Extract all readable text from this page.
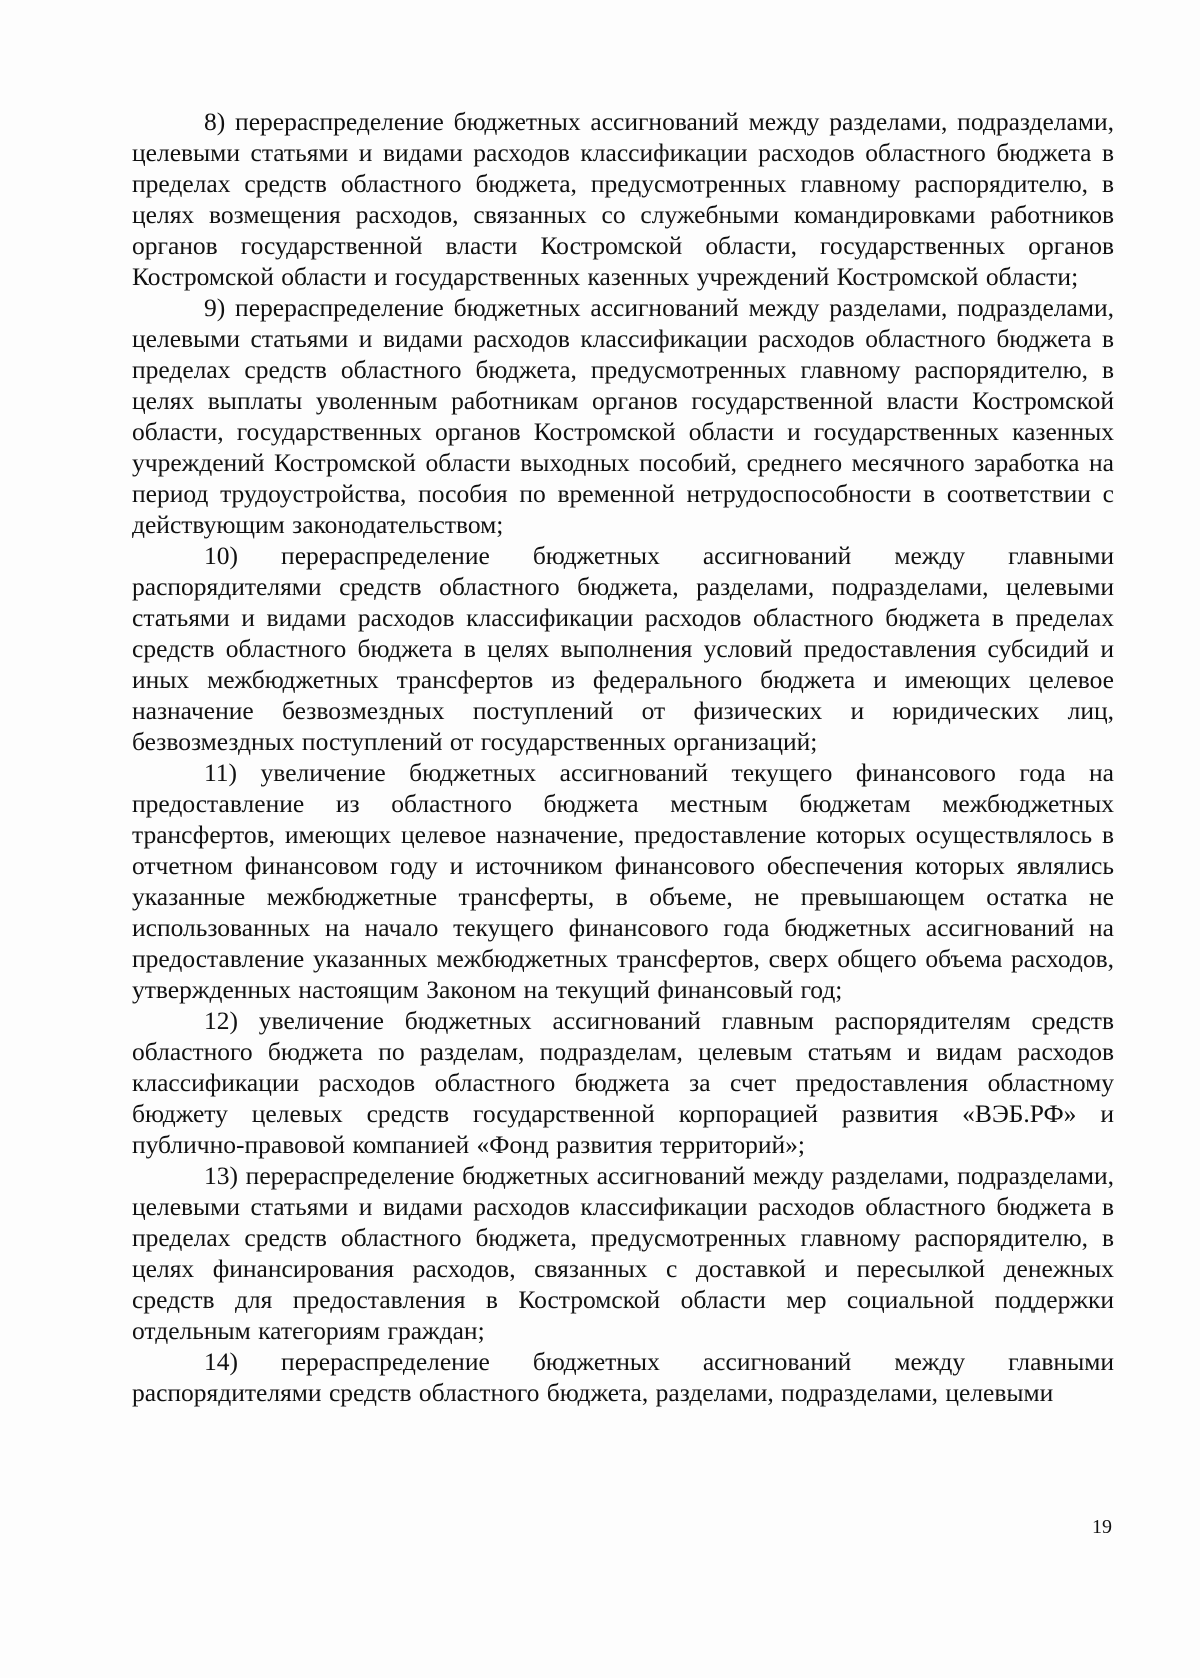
8) перераспределение бюджетных ассигнований между разделами, подразделами, целевыми статьями и видами расходов классификации расходов областного бюджета в пределах средств областного бюджета, предусмотренных главному распорядителю, в целях возмещения расходов, связанных со служебными командировками работников органов государственной власти Костромской области, государственных органов Костромской области и государственных казенных учреждений Костромской области;

9) перераспределение бюджетных ассигнований между разделами, подразделами, целевыми статьями и видами расходов классификации расходов областного бюджета в пределах средств областного бюджета, предусмотренных главному распорядителю, в целях выплаты уволенным работникам органов государственной власти Костромской области, государственных органов Костромской области и государственных казенных учреждений Костромской области выходных пособий, среднего месячного заработка на период трудоустройства, пособия по временной нетрудоспособности в соответствии с действующим законодательством;

10) перераспределение бюджетных ассигнований между главными распорядителями средств областного бюджета, разделами, подразделами, целевыми статьями и видами расходов классификации расходов областного бюджета в пределах средств областного бюджета в целях выполнения условий предоставления субсидий и иных межбюджетных трансфертов из федерального бюджета и имеющих целевое назначение безвозмездных поступлений от физических и юридических лиц, безвозмездных поступлений от государственных организаций;

11) увеличение бюджетных ассигнований текущего финансового года на предоставление из областного бюджета местным бюджетам межбюджетных трансфертов, имеющих целевое назначение, предоставление которых осуществлялось в отчетном финансовом году и источником финансового обеспечения которых являлись указанные межбюджетные трансферты, в объеме, не превышающем остатка не использованных на начало текущего финансового года бюджетных ассигнований на предоставление указанных межбюджетных трансфертов, сверх общего объема расходов, утвержденных настоящим Законом на текущий финансовый год;

12) увеличение бюджетных ассигнований главным распорядителям средств областного бюджета по разделам, подразделам, целевым статьям и видам расходов классификации расходов областного бюджета за счет предоставления областному бюджету целевых средств государственной корпорацией развития «ВЭБ.РФ» и публично-правовой компанией «Фонд развития территорий»;

13) перераспределение бюджетных ассигнований между разделами, подразделами, целевыми статьями и видами расходов классификации расходов областного бюджета в пределах средств областного бюджета, предусмотренных главному распорядителю, в целях финансирования расходов, связанных с доставкой и пересылкой денежных средств для предоставления в Костромской области мер социальной поддержки отдельным категориям граждан;

14) перераспределение бюджетных ассигнований между главными распорядителями средств областного бюджета, разделами, подразделами, целевыми

19
